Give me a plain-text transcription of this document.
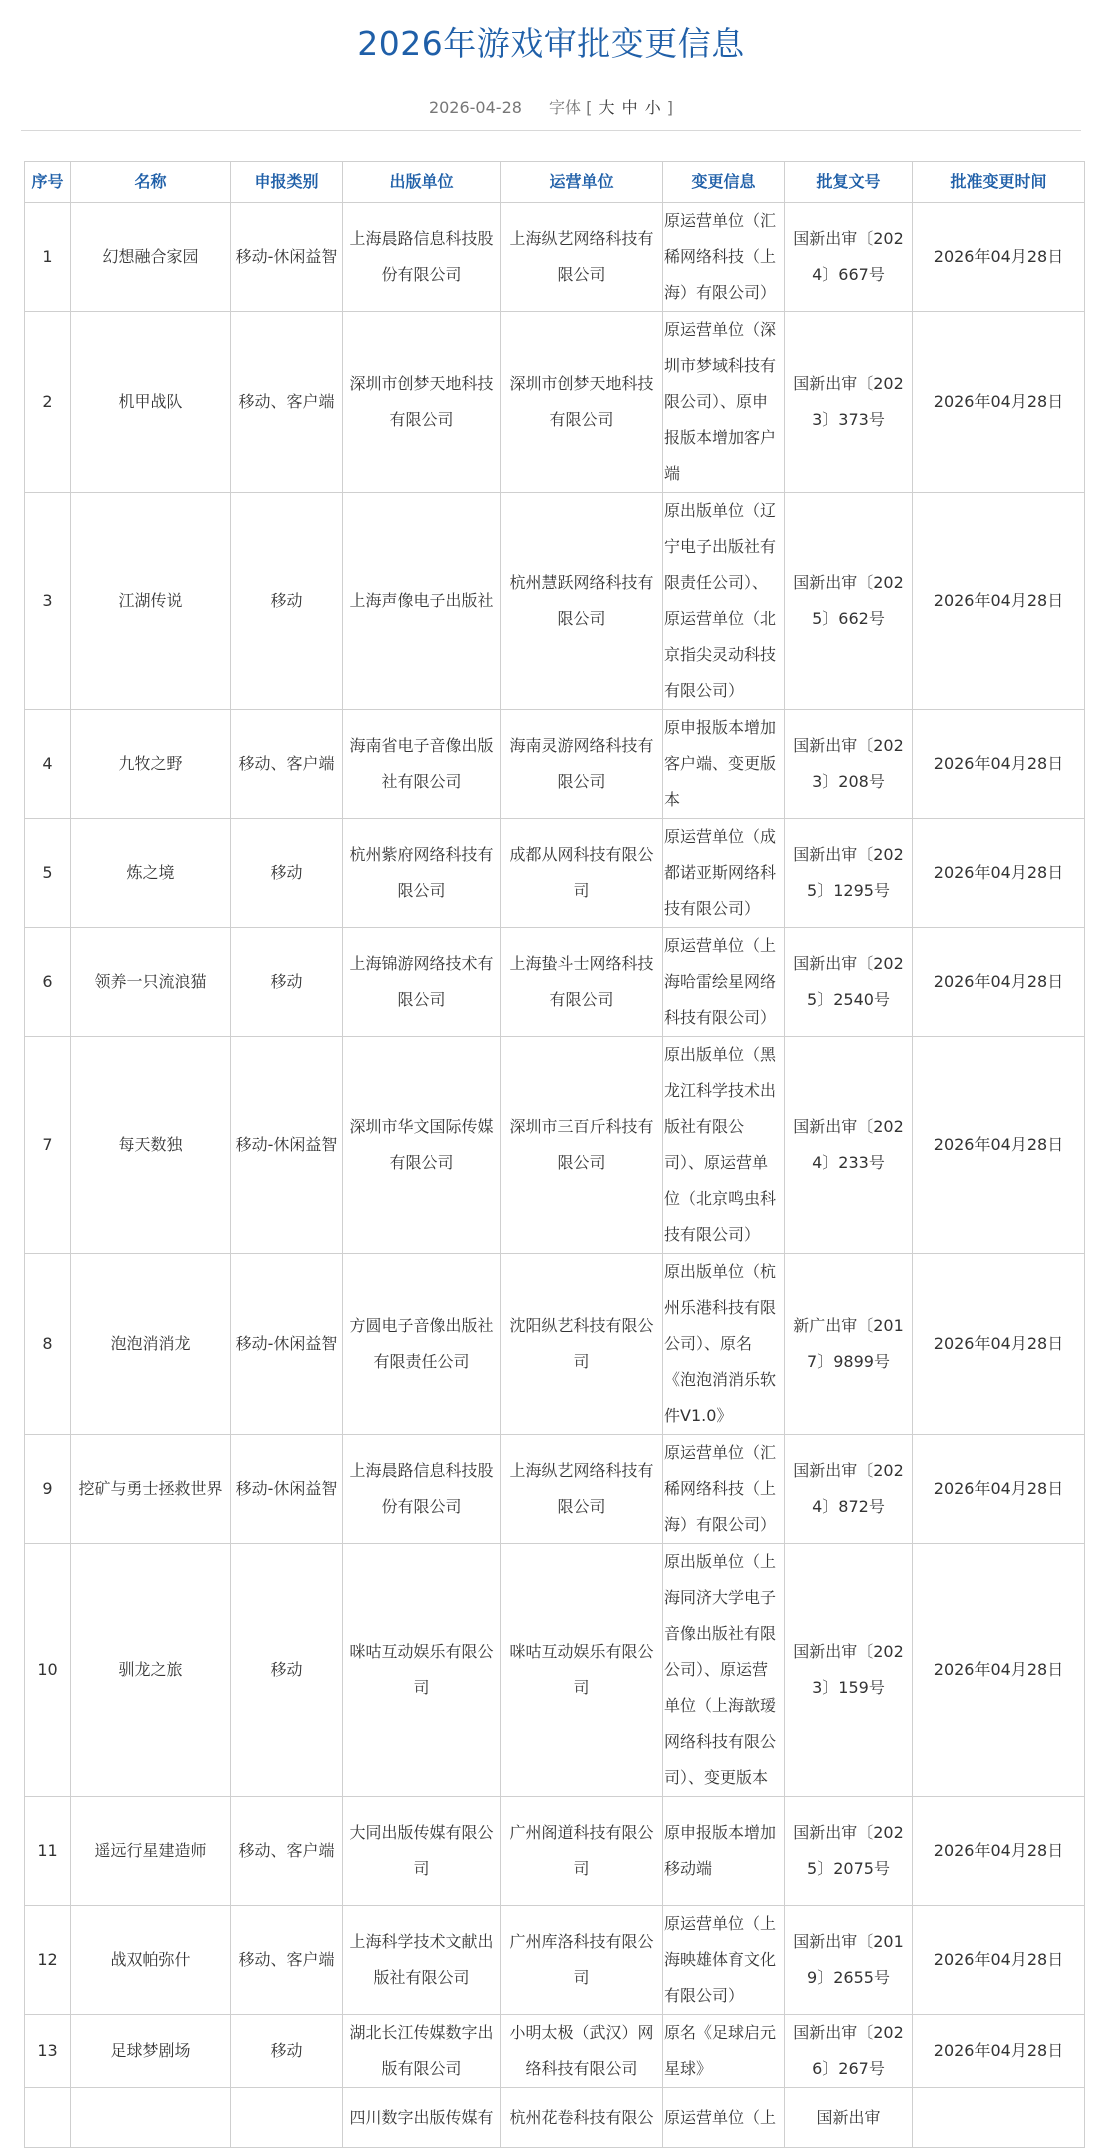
2026年游戏审批变更信息
2026-04-28 字体 [ 大 中 小 ]
序号	名称	申报类别	出版单位	运营单位	变更信息	批复文号	批准变更时间
1	幻想融合家园	移动-休闲益智	上海晨路信息科技股份有限公司	上海纵艺网络科技有限公司	原运营单位（汇稀网络科技（上海）有限公司）	国新出审〔2024〕667号	2026年04月28日
2	机甲战队	移动、客户端	深圳市创梦天地科技有限公司	深圳市创梦天地科技有限公司	原运营单位（深圳市梦域科技有限公司）、原申报版本增加客户端	国新出审〔2023〕373号	2026年04月28日
3	江湖传说	移动	上海声像电子出版社	杭州慧跃网络科技有限公司	原出版单位（辽宁电子出版社有限责任公司）、原运营单位（北京指尖灵动科技有限公司）	国新出审〔2025〕662号	2026年04月28日
4	九牧之野	移动、客户端	海南省电子音像出版社有限公司	海南灵游网络科技有限公司	原申报版本增加客户端、变更版本	国新出审〔2023〕208号	2026年04月28日
5	炼之境	移动	杭州紫府网络科技有限公司	成都从网科技有限公司	原运营单位（成都诺亚斯网络科技有限公司）	国新出审〔2025〕1295号	2026年04月28日
6	领养一只流浪猫	移动	上海锦游网络技术有限公司	上海蛰斗士网络科技有限公司	原运营单位（上海哈雷绘星网络科技有限公司）	国新出审〔2025〕2540号	2026年04月28日
7	每天数独	移动-休闲益智	深圳市华文国际传媒有限公司	深圳市三百斤科技有限公司	原出版单位（黑龙江科学技术出版社有限公司）、原运营单位（北京鸣虫科技有限公司）	国新出审〔2024〕233号	2026年04月28日
8	泡泡消消龙	移动-休闲益智	方圆电子音像出版社有限责任公司	沈阳纵艺科技有限公司	原出版单位（杭州乐港科技有限公司）、原名《泡泡消消乐软件V1.0》	新广出审〔2017〕9899号	2026年04月28日
9	挖矿与勇士拯救世界	移动-休闲益智	上海晨路信息科技股份有限公司	上海纵艺网络科技有限公司	原运营单位（汇稀网络科技（上海）有限公司）	国新出审〔2024〕872号	2026年04月28日
10	驯龙之旅	移动	咪咕互动娱乐有限公司	咪咕互动娱乐有限公司	原出版单位（上海同济大学电子音像出版社有限公司）、原运营单位（上海歆瑷网络科技有限公司）、变更版本	国新出审〔2023〕159号	2026年04月28日
11	遥远行星建造师	移动、客户端	大同出版传媒有限公司	广州阁道科技有限公司	原申报版本增加移动端	国新出审〔2025〕2075号	2026年04月28日
12	战双帕弥什	移动、客户端	上海科学技术文献出版社有限公司	广州库洛科技有限公司	原运营单位（上海映雄体育文化有限公司）	国新出审〔2019〕2655号	2026年04月28日
13	足球梦剧场	移动	湖北长江传媒数字出版有限公司	小明太极（武汉）网络科技有限公司	原名《足球启元星球》	国新出审〔2026〕267号	2026年04月28日
			四川数字出版传媒有	杭州花卷科技有限公	原运营单位（上	国新出审	
